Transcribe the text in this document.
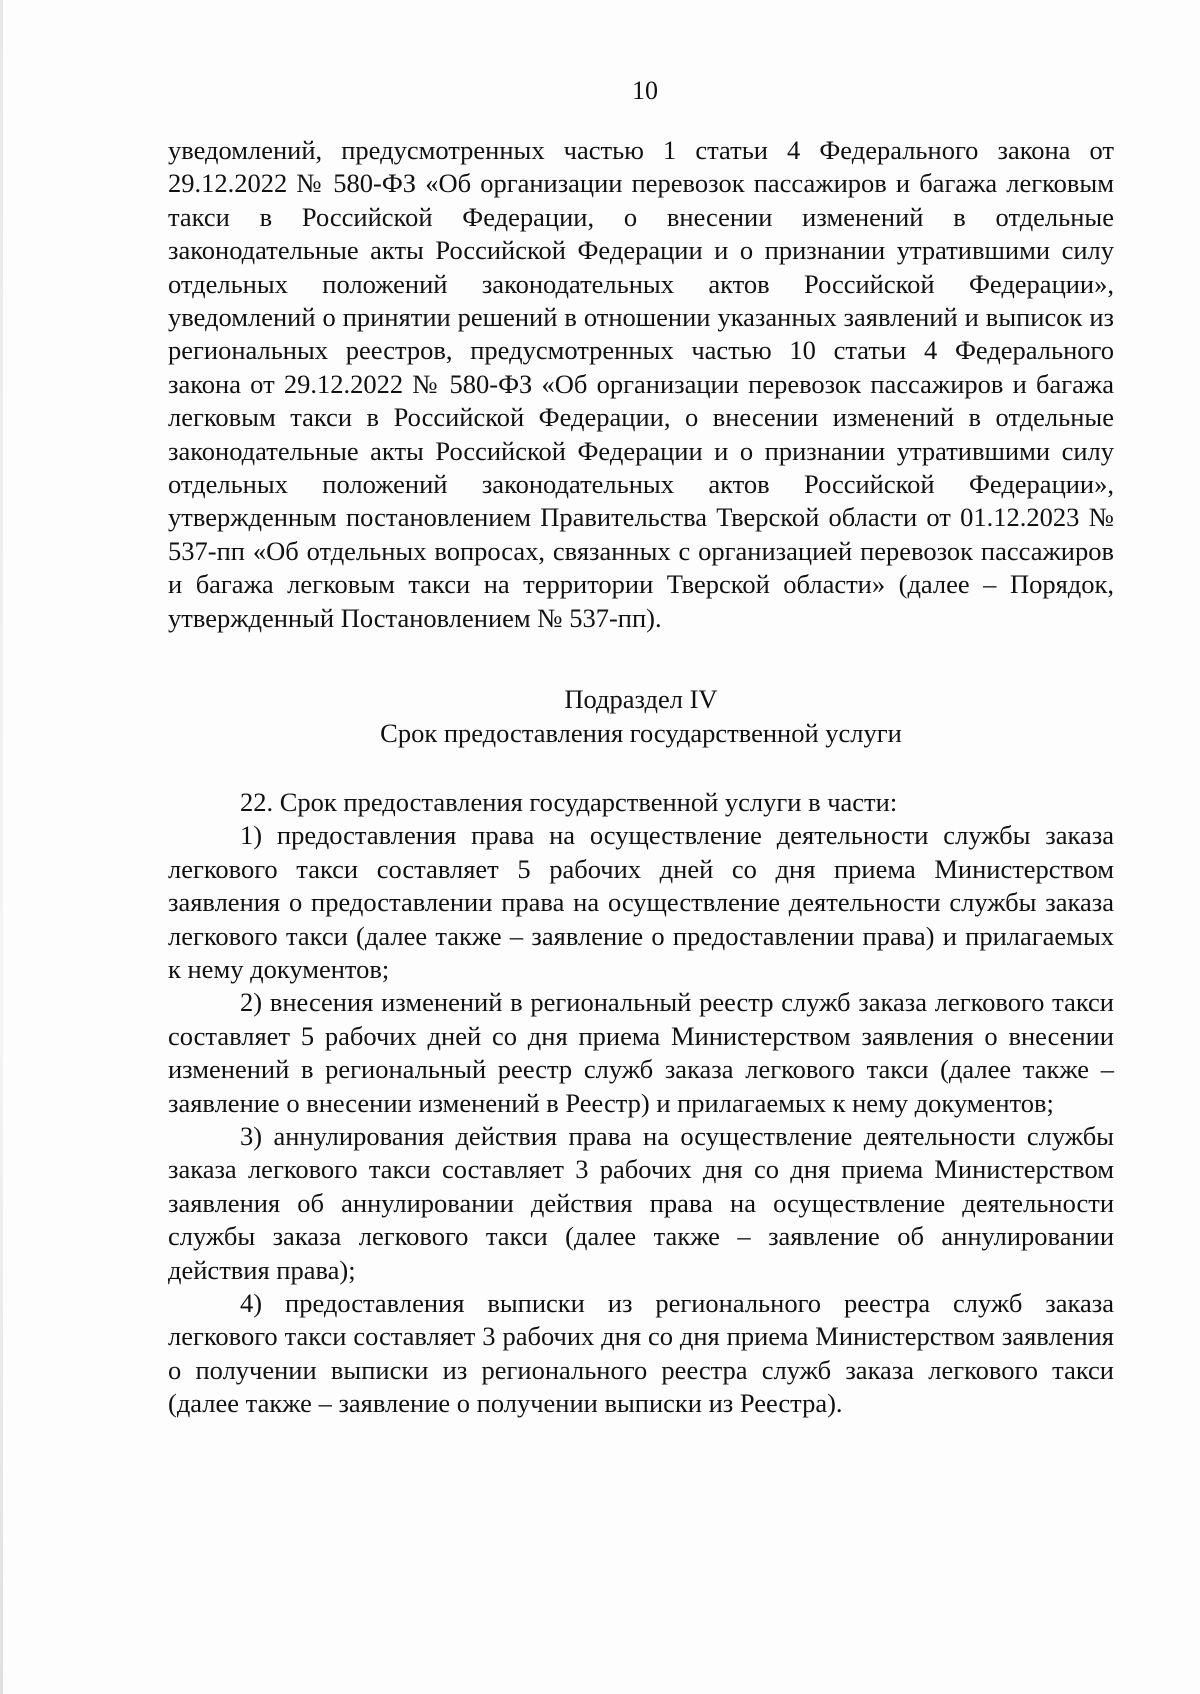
10

уведомлений, предусмотренных частью 1 статьи 4 Федерального закона от 29.12.2022 № 580-ФЗ «Об организации перевозок пассажиров и багажа легковым такси в Российской Федерации, о внесении изменений в отдельные законодательные акты Российской Федерации и о признании утратившими силу отдельных положений законодательных актов Российской Федерации», уведомлений о принятии решений в отношении указанных заявлений и выписок из региональных реестров, предусмотренных частью 10 статьи 4 Федерального закона от 29.12.2022 № 580-ФЗ «Об организации перевозок пассажиров и багажа легковым такси в Российской Федерации, о внесении изменений в отдельные законодательные акты Российской Федерации и о признании утратившими силу отдельных положений законодательных актов Российской Федерации», утвержденным постановлением Правительства Тверской области от 01.12.2023 № 537-пп «Об отдельных вопросах, связанных с организацией перевозок пассажиров и багажа легковым такси на территории Тверской области» (далее – Порядок, утвержденный Постановлением № 537-пп).

Подраздел IV
Срок предоставления государственной услуги

22. Срок предоставления государственной услуги в части:

1) предоставления права на осуществление деятельности службы заказа легкового такси составляет 5 рабочих дней со дня приема Министерством заявления о предоставлении права на осуществление деятельности службы заказа легкового такси (далее также – заявление о предоставлении права) и прилагаемых к нему документов;

2) внесения изменений в региональный реестр служб заказа легкового такси составляет 5 рабочих дней со дня приема Министерством заявления о внесении изменений в региональный реестр служб заказа легкового такси (далее также – заявление о внесении изменений в Реестр) и прилагаемых к нему документов;

3) аннулирования действия права на осуществление деятельности службы заказа легкового такси составляет 3 рабочих дня со дня приема Министерством заявления об аннулировании действия права на осуществление деятельности службы заказа легкового такси (далее также – заявление об аннулировании действия права);

4) предоставления выписки из регионального реестра служб заказа легкового такси составляет 3 рабочих дня со дня приема Министерством заявления о получении выписки из регионального реестра служб заказа легкового такси (далее также – заявление о получении выписки из Реестра).
